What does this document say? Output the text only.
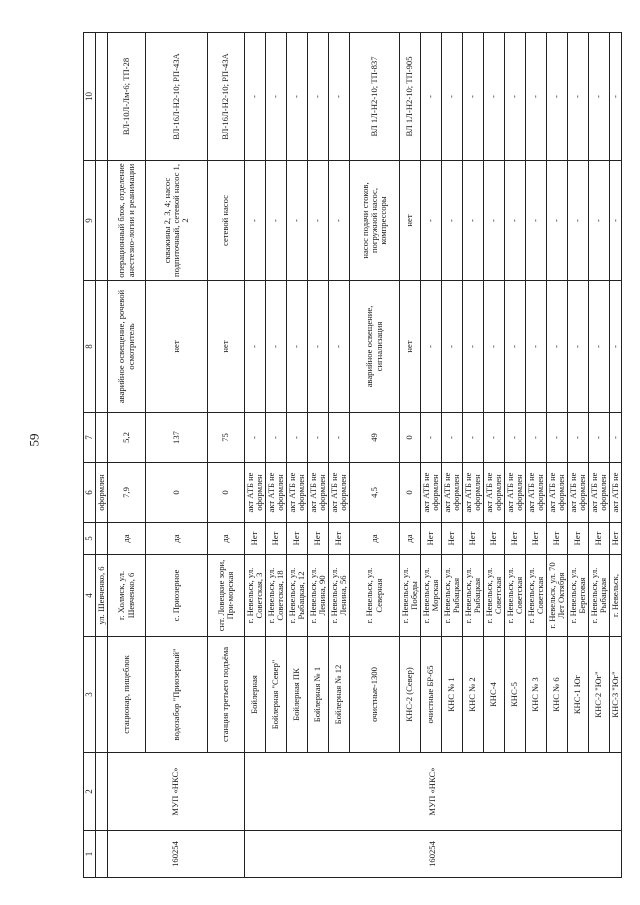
59
1	2	3	4	5	6	7	8	9	10
			ул. Шевченко, 6		оформлен				
160254	МУП «НКС»	стационар, пищеблок	г. Холмск, ул. Шевченко, 6	да	7,9	5,2	аварийное освещение, рочевой осмотритель	операционный блок, отделение анестезио-логии и реанимации	ВЛ-10Л-Лм-6; ТП-28
		водозабор "Приозерный"	с. Приозерное	да	0	137	нет	скважины 2, 3, 4; насос подпиточный, сетевой насос 1, 2	ВЛ-16Л-Н2-10; РП-43А
		станция третьего подъёма	снт. Ловецкие зори, При-морская	да	0	75	нет	сетевой насос	ВЛ-16Л-Н2-10; РП-43А
160254	МУП «НКС»	Бойлерная	г. Невельск, ул. Советская, 3	Нет	акт АТБ не оформлен	-	-	-	-
		Бойлерная "Север"	г. Невельск, ул. Советская, 18	Нет	акт АТБ не оформлен	-	-	-	-
		Бойлерная ПК	г. Невельск, ул. Рыбацкая, 12	Нет	акт АТБ не оформлен	-	-	-	-
		Бойлерная № 1	г. Невельск, ул. Ленина, 90	Нет	акт АТБ не оформлен	-	-	-	-
		Бойлерная № 12	г. Невельск, ул. Ленина, 56	Нет	акт АТБ не оформлен	-	-	-	-
		очистные-1300	г. Невельск, ул. Северная	да	4,5	49	аварийное освещение, сигнализация	насос подачи стоков, погружной насос, компрессоры	ВЛ 1Л-Н2-10; ТП-837
		КНС-2 (Север)	г. Невельск, ул. Победы	да	0	0	нет	нет	ВЛ 1Л-Н2-10; ТП-905
		очистные БР-65	г. Невельск, ул. Морская	Нет	акт АТБ не оформлен	-	-	-	-
		КНС № 1	г. Невельск, ул. Рыбацкая	Нет	акт АТБ не оформлен	-	-	-	-
		КНС № 2	г. Невельск, ул. Рыбацкая	Нет	акт АТБ не оформлен	-	-	-	-
		КНС-4	г. Невельск, ул. Советская	Нет	акт АТБ не оформлен	-	-	-	-
		КНС-5	г. Невельск, ул. Советская	Нет	акт АТБ не оформлен	-	-	-	-
		КНС № 3	г. Невельск, ул. Советская	Нет	акт АТБ не оформлен	-	-	-	-
		КНС № 6	г. Невельск, ул. 70 Лет Октября	Нет	акт АТБ не оформлен	-	-	-	-
		КНС-1 Юг	г. Невельск, ул. Береговая	Нет	акт АТБ не оформлен	-	-	-	-
		КНС-2 "Юг"	г. Невельск, ул. Рыбацкая	Нет	акт АТБ не оформлен	-	-	-	-
		КНС-3 "Юг"	г. Невельск,	Нет	акт АТБ не	-	-	-	-
